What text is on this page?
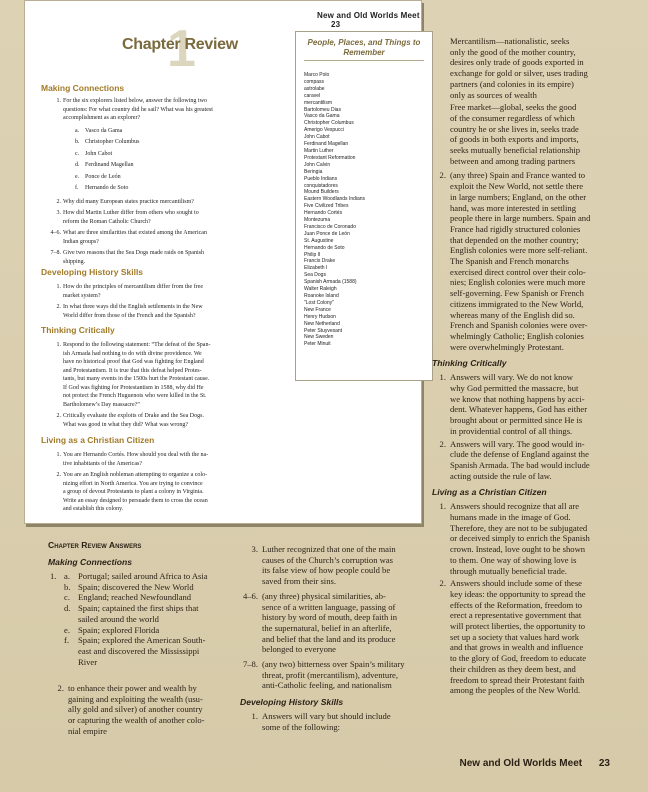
New and Old Worlds Meet 23
1
Chapter Review
Making Connections
1. For the six explorers listed below, answer the following two
questions: For what country did he sail? What was his greatest
accomplishment as an explorer?
a. Vasco da Gama
b. Christopher Columbus
c. John Cabot
d. Ferdinand Magellan
e. Ponce de León
f. Hernando de Soto
2. Why did many European states practice mercantilism?
3. How did Martin Luther differ from others who sought to
reform the Roman Catholic Church?
4–6. What are three similarities that existed among the American
Indian groups?
7–8. Give two reasons that the Sea Dogs made raids on Spanish
shipping.
Developing History Skills
1. How do the principles of mercantilism differ from the free
market system?
2. In what three ways did the English settlements in the New
World differ from those of the French and the Spanish?
Thinking Critically
1. Respond to the following statement: “The defeat of the Span-
ish Armada had nothing to do with divine providence. We
have no historical proof that God was fighting for England
and Protestantism. It is true that this defeat helped Protes-
tants, but many events in the 1500s hurt the Protestant cause.
If God was fighting for Protestantism in 1588, why did He
not protect the French Huguenots who were killed in the St.
Bartholomew’s Day massacre?”
2. Critically evaluate the exploits of Drake and the Sea Dogs.
What was good in what they did? What was wrong?
Living as a Christian Citizen
1. You are Hernando Cortés. How should you deal with the na-
tive inhabitants of the Americas?
2. You are an English nobleman attempting to organize a colo-
nizing effort in North America. You are trying to convince
a group of devout Protestants to plant a colony in Virginia.
Write an essay designed to persuade them to cross the ocean
and establish this colony.
People, Places, and Things to Remember
Marco Polo
compass
astrolabe
caravel
mercantilism
Bartolomeu Dias
Vasco da Gama
Christopher Columbus
Amerigo Vespucci
John Cabot
Ferdinand Magellan
Martin Luther
Protestant Reformation
John Calvin
Beringia
Pueblo Indians
conquistadores
Mound Builders
Eastern Woodlands Indians
Five Civilized Tribes
Hernando Cortés
Montezuma
Francisco de Coronado
Juan Ponce de León
St. Augustine
Hernando de Soto
Philip II
Francis Drake
Elizabeth I
Sea Dogs
Spanish Armada (1588)
Walter Raleigh
Roanoke Island
"Lost Colony"
New France
Henry Hudson
New Netherland
Peter Stuyvesant
New Sweden
Peter Minuit
Chapter Review Answers
Making Connections
1. a. Portugal; sailed around Africa to Asia
b. Spain; discovered the New World
c. England; reached Newfoundland
d. Spain; captained the first ships that
sailed around the world
e. Spain; explored Florida
f. Spain; explored the American South-
east and discovered the Mississippi
River
2. to enhance their power and wealth by
gaining and exploiting the wealth (usu-
ally gold and silver) of another country
or capturing the wealth of another colo-
nial empire
3. Luther recognized that one of the main
causes of the Church’s corruption was
its false view of how people could be
saved from their sins.
4–6. (any three) physical similarities, ab-
sence of a written language, passing of
history by word of mouth, deep faith in
the supernatural, belief in an afterlife,
and belief that the land and its produce
belonged to everyone
7–8. (any two) bitterness over Spain’s military
threat, profit (mercantilism), adventure,
anti-Catholic feeling, and nationalism
Developing History Skills
1. Answers will vary but should include
some of the following:
Mercantilism—nationalistic, seeks
only the good of the mother country,
desires only trade of goods exported in
exchange for gold or silver, uses trading
partners (and colonies in its empire)
only as sources of wealth
Free market—global, seeks the good
of the consumer regardless of which
country he or she lives in, seeks trade
of goods in both exports and imports,
seeks mutually beneficial relationship
between and among trading partners
2. (any three) Spain and France wanted to
exploit the New World, not settle there
in large numbers; England, on the other
hand, was more interested in settling
people there in large numbers. Spain and
France had rigidly structured colonies
that depended on the mother country;
English colonies were more self-reliant.
The Spanish and French monarchs
exercised direct control over their colo-
nies; English colonies were much more
self-governing. Few Spanish or French
citizens immigrated to the New World,
whereas many of the English did so.
French and Spanish colonies were over-
whelmingly Catholic; English colonies
were overwhelmingly Protestant.
Thinking Critically
1. Answers will vary. We do not know
why God permitted the massacre, but
we know that nothing happens by acci-
dent. Whatever happens, God has either
brought about or permitted since He is
in providential control of all things.
2. Answers will vary. The good would in-
clude the defense of England against the
Spanish Armada. The bad would include
acting outside the rule of law.
Living as a Christian Citizen
1. Answers should recognize that all are
humans made in the image of God.
Therefore, they are not to be subjugated
or deceived simply to enrich the Spanish
crown. Instead, love ought to be shown
to them. One way of showing love is
through mutually beneficial trade.
2. Answers should include some of these
key ideas: the opportunity to spread the
effects of the Reformation, freedom to
erect a representative government that
will protect liberties, the opportunity to
set up a society that values hard work
and that grows in wealth and influence
to the glory of God, freedom to educate
their children as they deem best, and
freedom to spread their Protestant faith
among the peoples of the New World.
New and Old Worlds Meet 23
